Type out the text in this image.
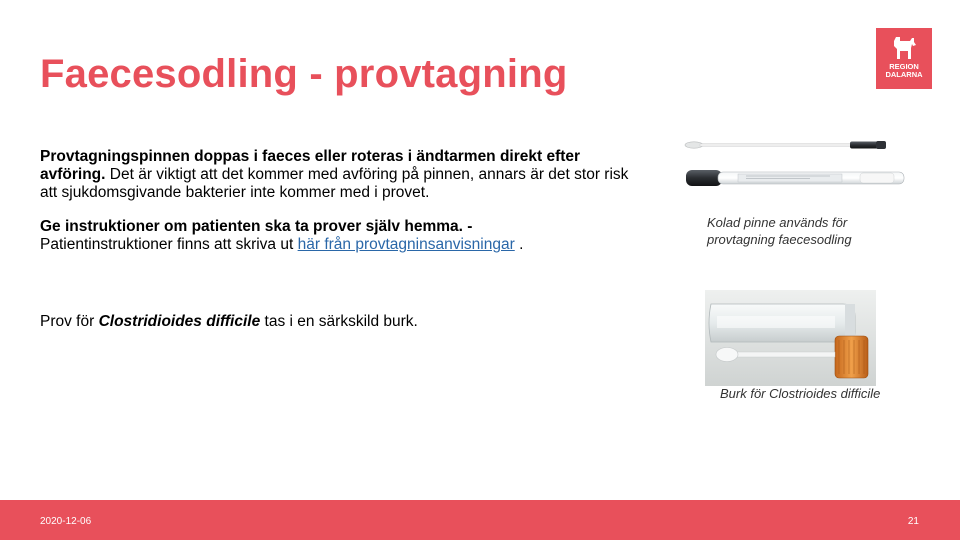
Faecesodling - provtagning	REGION
DALARNA

Provtagningspinnen doppas i faeces eller roteras i ändtarmen direkt efter avföring. Det är viktigt att det kommer med avföring på pinnen, annars är det stor risk att sjukdomsgivande bakterier inte kommer med i provet.

Ge instruktioner om patienten ska ta prover själv hemma. -
Patientinstruktioner finns att skriva ut här från provtagninsanvisningar .

Prov för Clostridioides difficile tas i en särkskild burk.

Kolad pinne används för provtagning faecesodling
Burk för Clostrioides difficile
2020-12-06	21
